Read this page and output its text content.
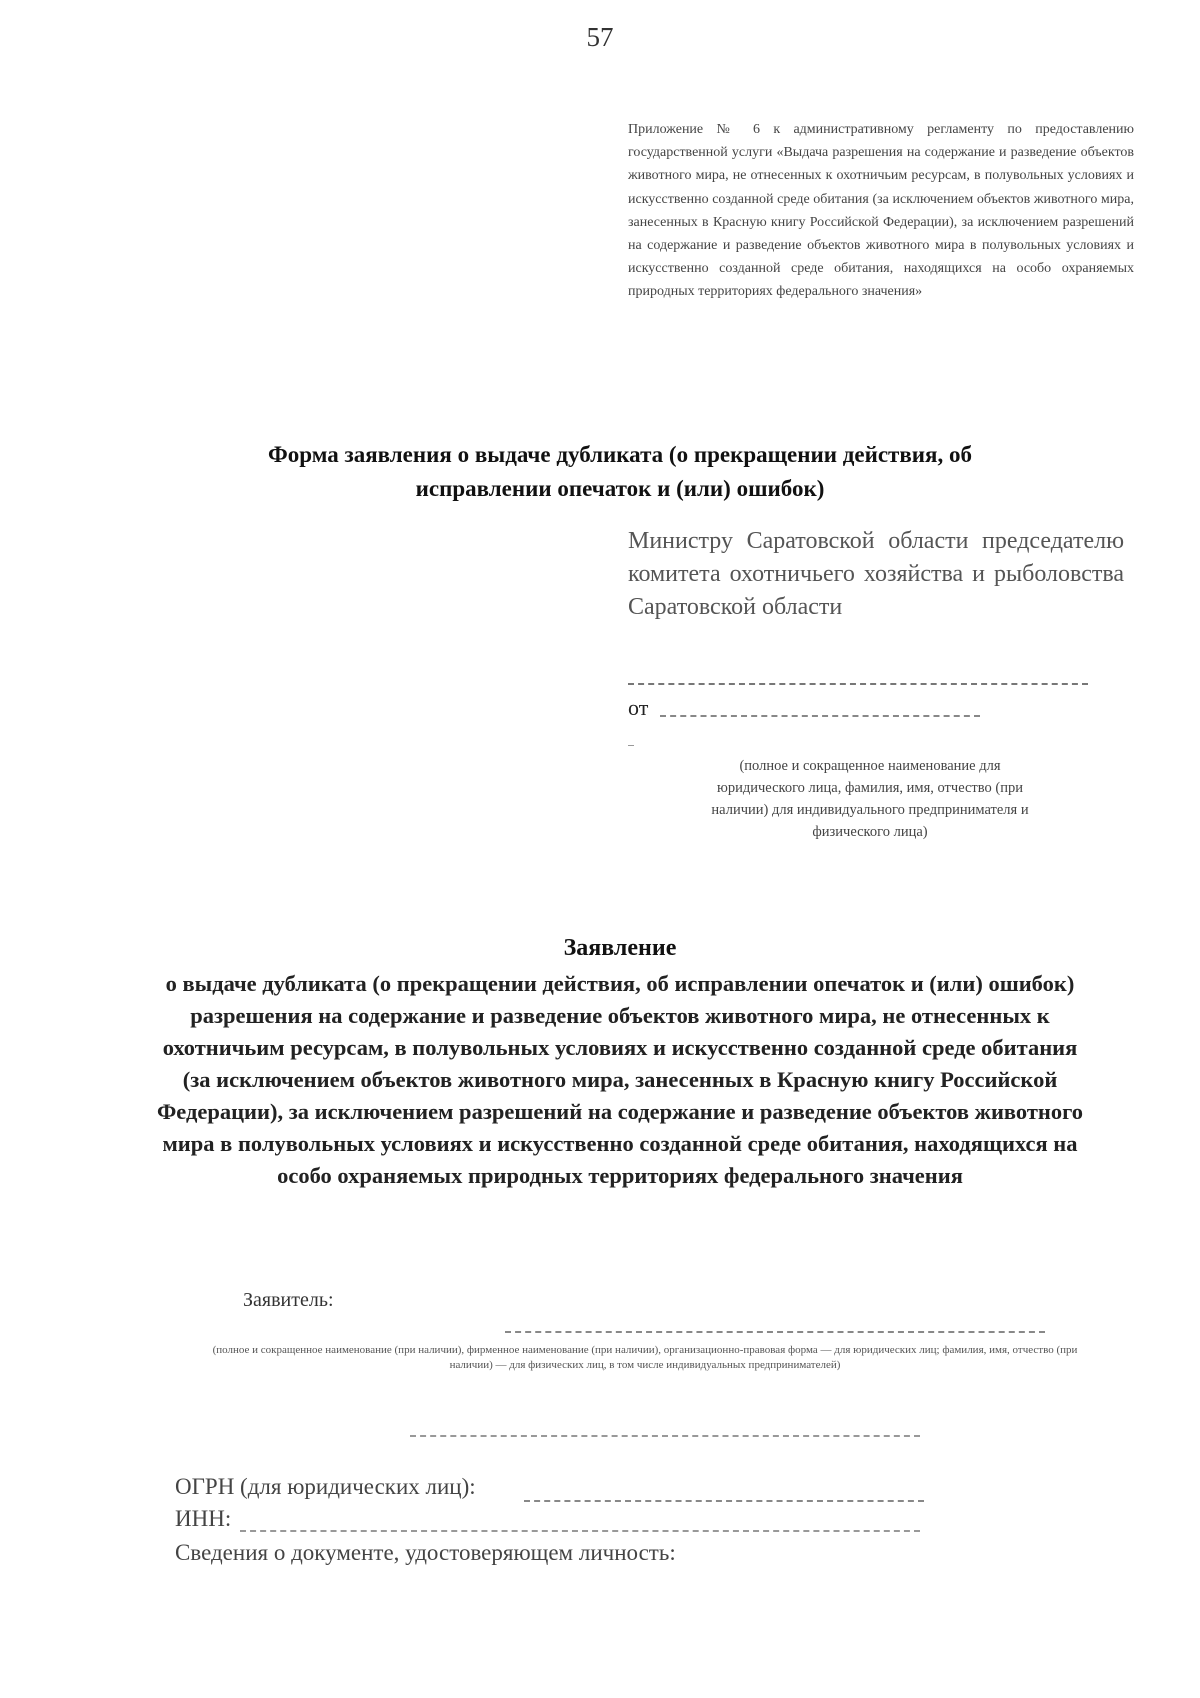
57
Приложение № 6 к административному регламенту по предоставлению государственной услуги «Выдача разрешения на содержание и разведение объектов животного мира, не отнесенных к охотничьим ресурсам, в полувольных условиях и искусственно созданной среде обитания (за исключением объектов животного мира, занесенных в Красную книгу Российской Федерации), за исключением разрешений на содержание и разведение объектов животного мира в полувольных условиях и искусственно созданной среде обитания, находящихся на особо охраняемых природных территориях федерального значения»
Форма заявления о выдаче дубликата (о прекращении действия, об исправлении опечаток и (или) ошибок)
Министру Саратовской области председателю комитета охотничьего хозяйства и рыболовства Саратовской области
от
(полное и сокращенное наименование для юридического лица, фамилия, имя, отчество (при наличии) для индивидуального предпринимателя и физического лица)
Заявление
о выдаче дубликата (о прекращении действия, об исправлении опечаток и (или) ошибок) разрешения на содержание и разведение объектов животного мира, не отнесенных к охотничьим ресурсам, в полувольных условиях и искусственно созданной среде обитания (за исключением объектов животного мира, занесенных в Красную книгу Российской Федерации), за исключением разрешений на содержание и разведение объектов животного мира в полувольных условиях и искусственно созданной среде обитания, находящихся на особо охраняемых природных территориях федерального значения
Заявитель:
(полное и сокращенное наименование (при наличии), фирменное наименование (при наличии), организационно-правовая форма — для юридических лиц; фамилия, имя, отчество (при наличии) — для физических лиц, в том числе индивидуальных предпринимателей)
ОГРН (для юридических лиц):
ИНН:
Сведения о документе, удостоверяющем личность:
